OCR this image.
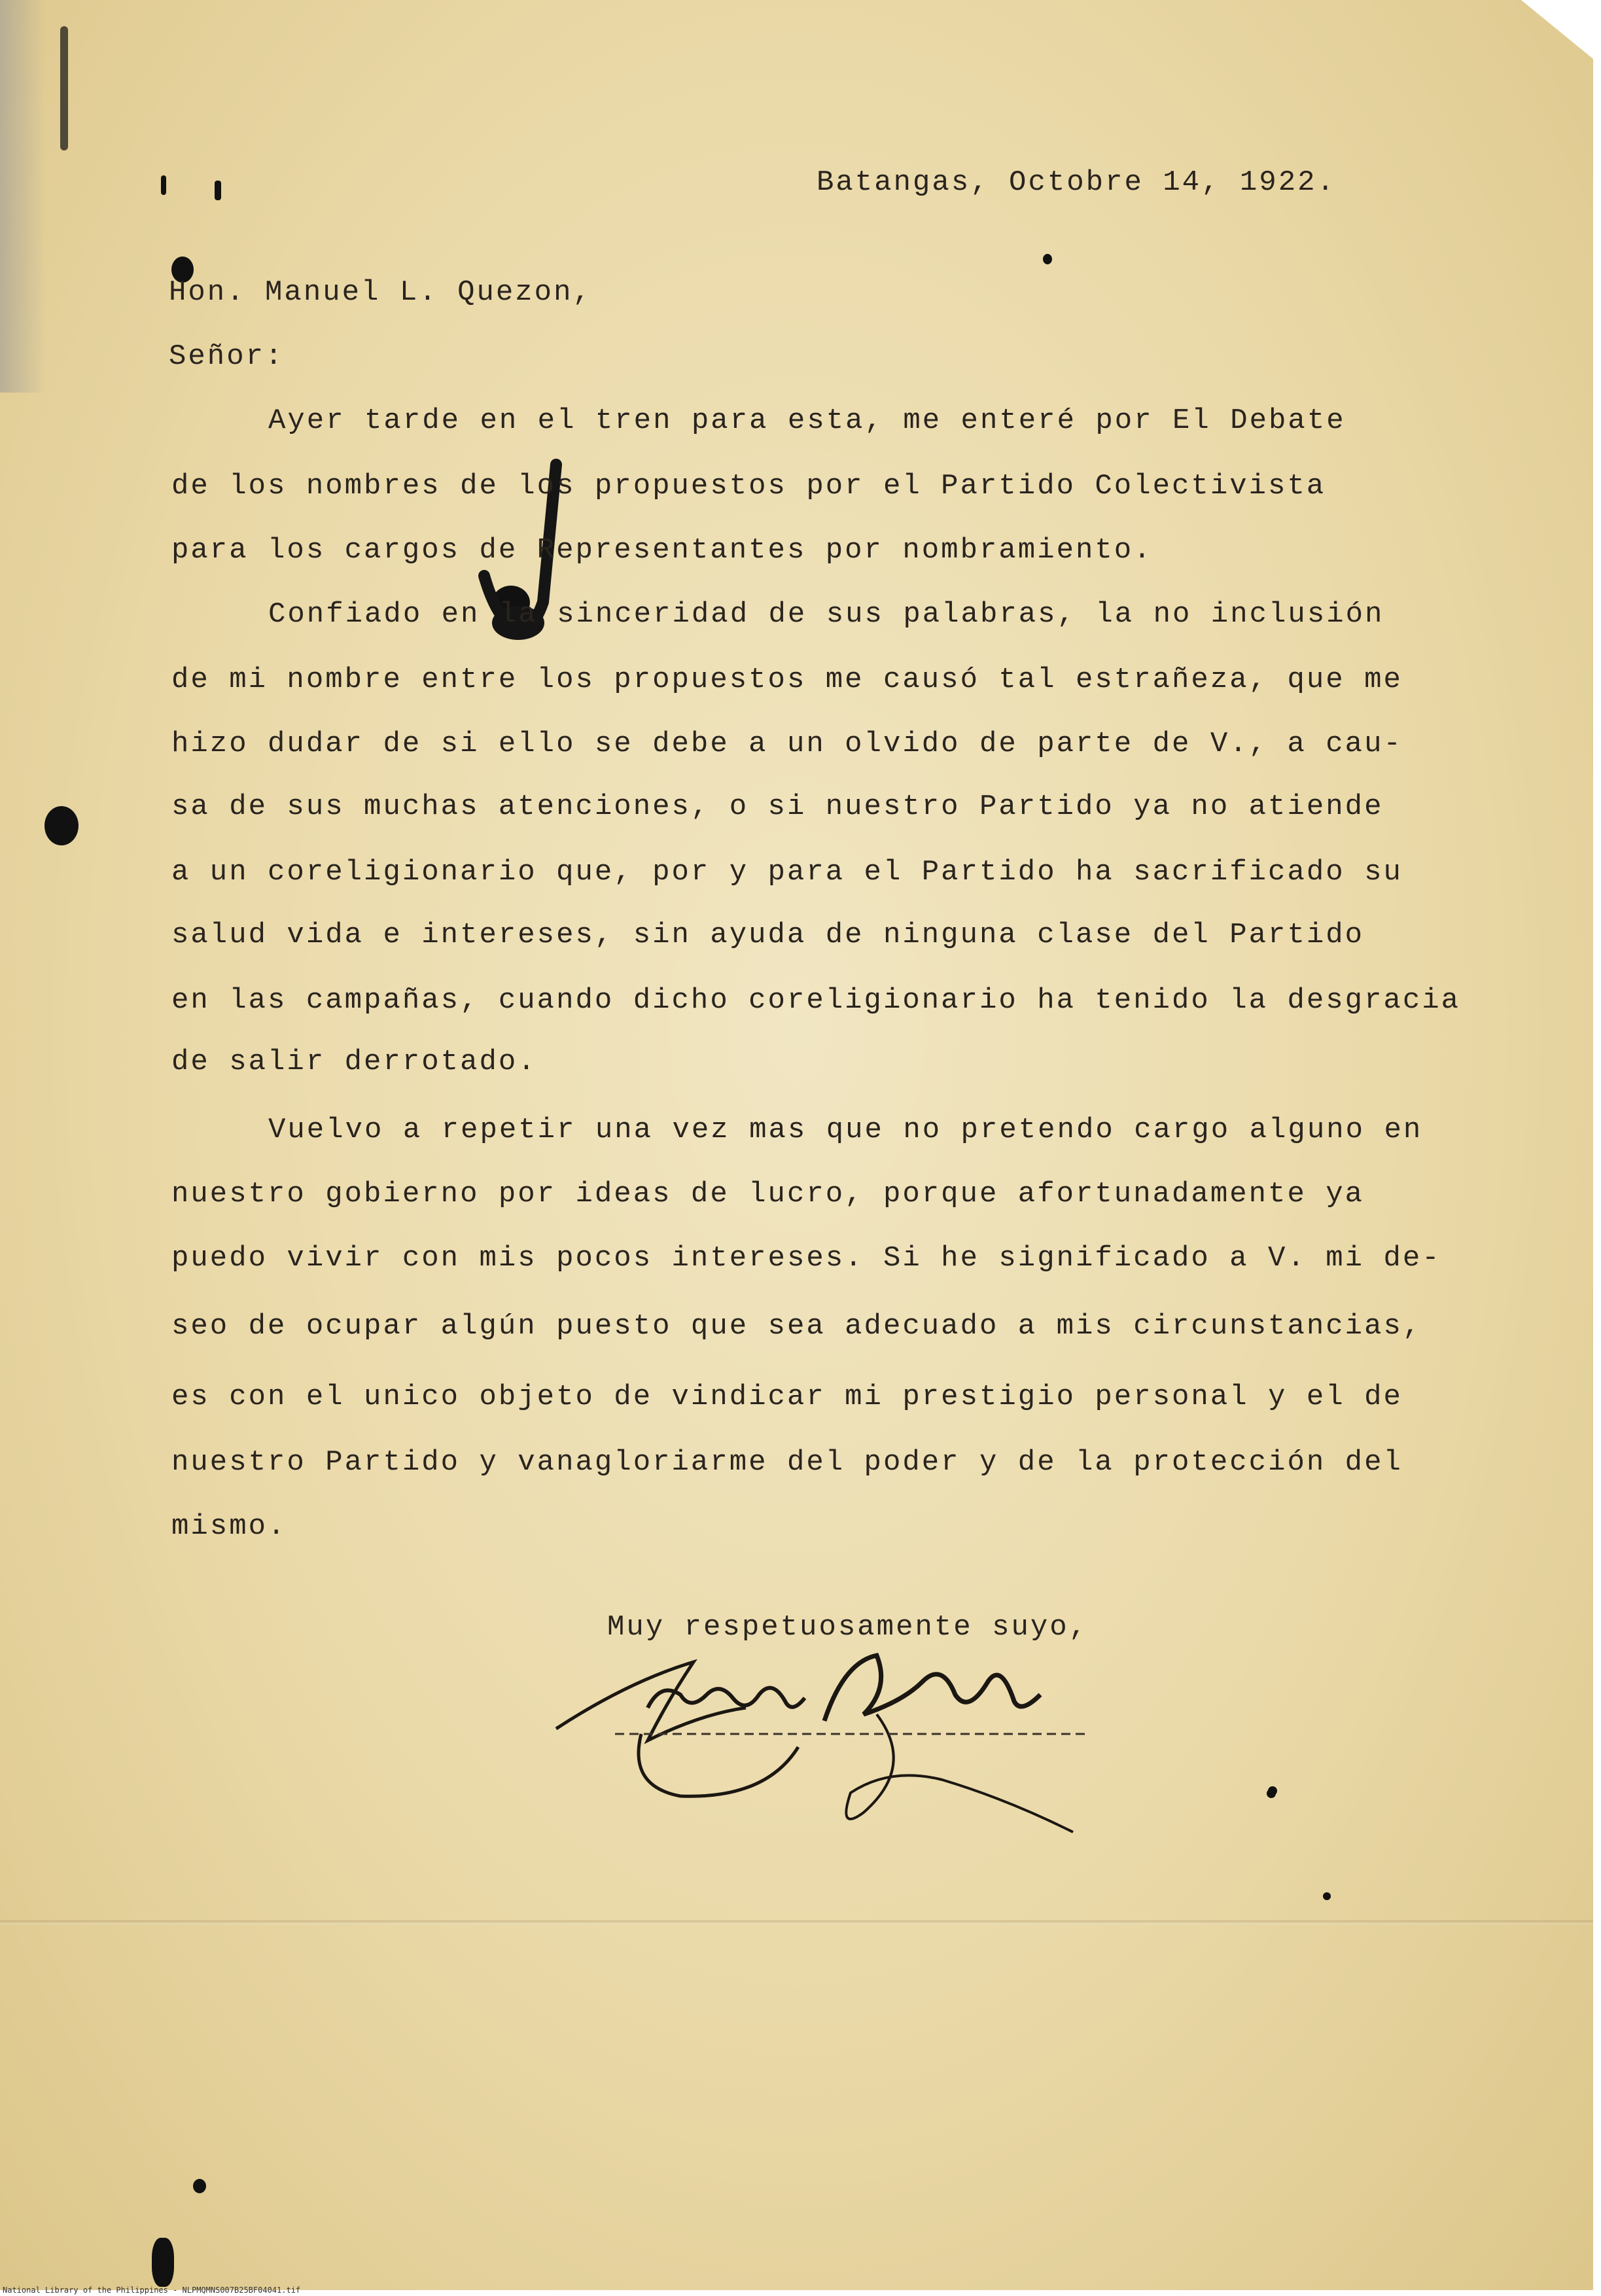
Batangas, Octobre 14, 1922.

Hon. Manuel L. Quezon,

Señor:

Ayer tarde en el tren para esta, me enteré por El Debate

de los nombres de los propuestos por el Partido Colectivista

para los cargos de Representantes por nombramiento.

Confiado en la sinceridad de sus palabras, la no inclusión

de mi nombre entre los propuestos me causó tal estrañeza, que me

hizo dudar de si ello se debe a un olvido de parte de V., a cau-

sa de sus muchas atenciones, o si nuestro Partido ya no atiende

a un coreligionario que, por y para el Partido ha sacrificado su

salud vida e intereses, sin ayuda de ninguna clase del Partido

en las campañas, cuando dicho coreligionario ha tenido la desgracia

de salir derrotado.

Vuelvo a repetir una vez mas que no pretendo cargo alguno en

nuestro gobierno por ideas de lucro, porque afortunadamente ya

puedo vivir con mis pocos intereses. Si he significado a V. mi de-

seo de ocupar algún puesto que sea adecuado a mis circunstancias,

es con el unico objeto de vindicar mi prestigio personal y el de

nuestro Partido y vanagloriarme del poder y de la protección del

mismo.

Muy respetuosamente suyo,

National Library of the Philippines - NLPMQMNS007B25BF04041.tif
